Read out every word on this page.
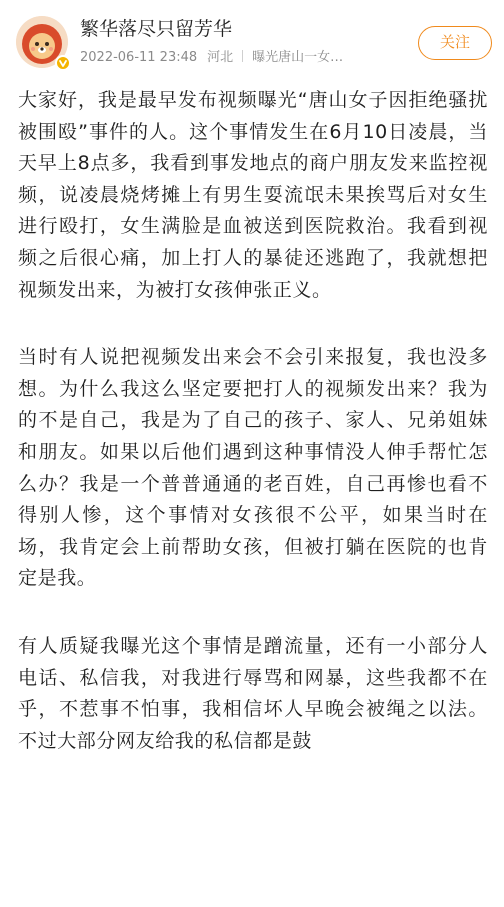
繁华落尽只留芳华
2022-06-11 23:48 河北 曝光唐山一女…
关注

大家好，我是最早发布视频曝光“唐山女子因拒绝骚扰被围殴”事件的人。这个事情发生在6月10日凌晨，当天早上8点多，我看到事发地点的商户朋友发来监控视频，说凌晨烧烤摊上有男生耍流氓未果挨骂后对女生进行殴打，女生满脸是血被送到医院救治。我看到视频之后很心痛，加上打人的暴徒还逃跑了，我就想把视频发出来，为被打女孩伸张正义。

当时有人说把视频发出来会不会引来报复，我也没多想。为什么我这么坚定要把打人的视频发出来？我为的不是自己，我是为了自己的孩子、家人、兄弟姐妹和朋友。如果以后他们遇到这种事情没人伸手帮忙怎么办？我是一个普普通通的老百姓，自己再惨也看不得别人惨，这个事情对女孩很不公平，如果当时在场，我肯定会上前帮助女孩，但被打躺在医院的也肯定是我。

有人质疑我曝光这个事情是蹭流量，还有一小部分人电话、私信我，对我进行辱骂和网暴，这些我都不在乎，不惹事不怕事，我相信坏人早晚会被绳之以法。不过大部分网友给我的私信都是鼓
